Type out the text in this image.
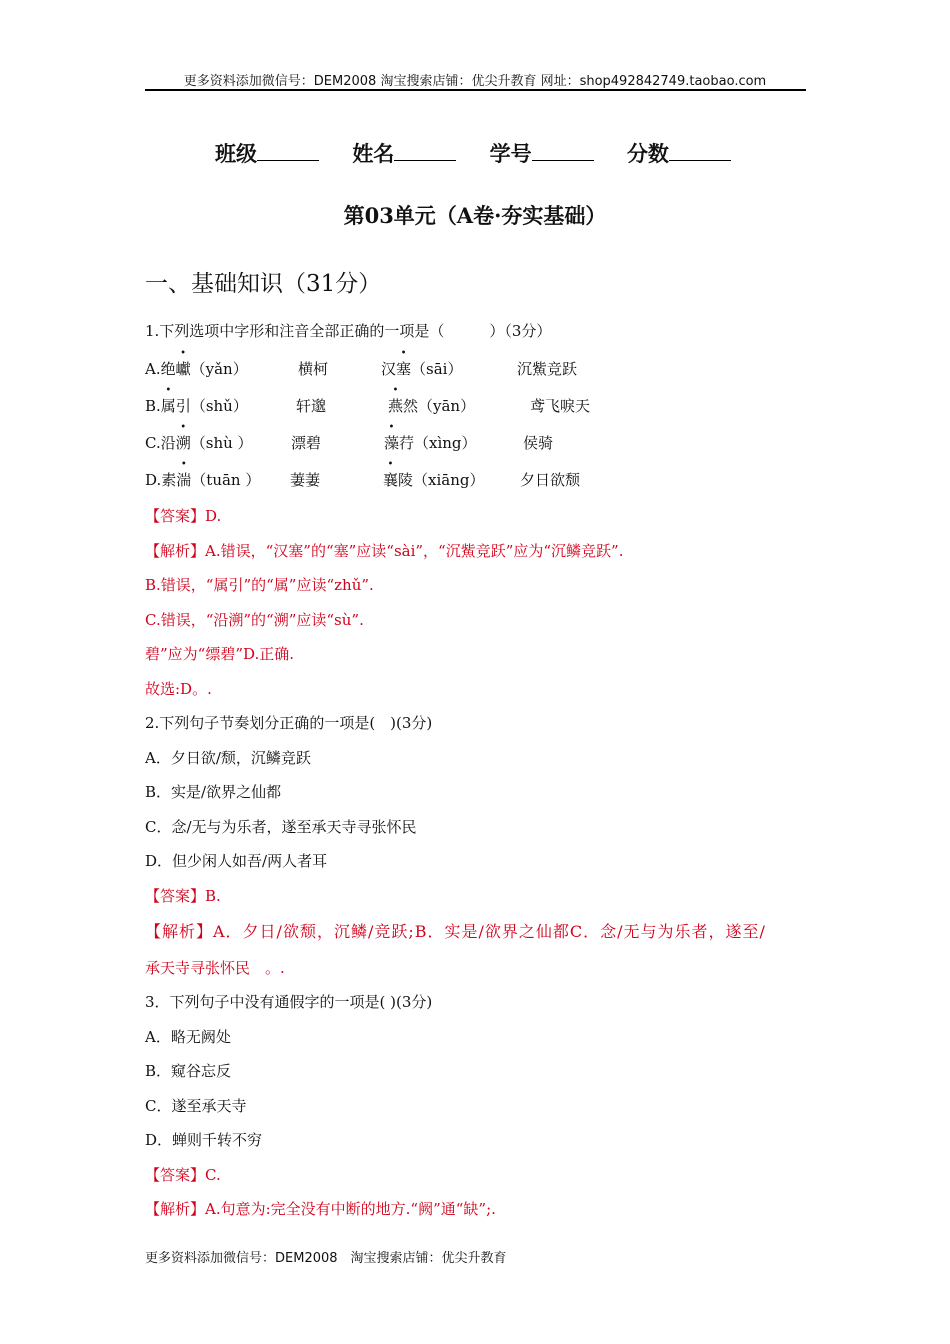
更多资料添加微信号：DEM2008 淘宝搜索店铺：优尖升教育 网址：shop492842749.taobao.com
班级	姓名	学号	分数
第03单元（A卷·夯实基础）
一、基础知识（31分）
1.下列选项中字形和注音全部正确的一项是（　　　）（3分）
A.绝巘（yǎn）	横柯	汉塞（sāi）	沉鮆竞跃
B.属引（shǔ）	轩邈	燕然（yān）	鸢飞唳天
C.沿溯（shù ）	漂碧	藻荇（xìng）	侯骑
D.素湍（tuān ） 萋萋	襄陵（xiāng） 夕日欲颓
【答案】D.
【解析】A.错误，“汉塞”的“塞”应读“sài”，“沉鮆竞跃”应为“沉鳞竞跃”.
B.错误，“属引”的“属”应读“zhǔ”.
C.错误，“沿溯”的“溯”应读“sù”.
碧”应为“缥碧”D.正确.
故选:D。.
2.下列句子节奏划分正确的一项是(　)(3分)
A．夕日欲/颓，沉鳞竞跃
B．实是/欲界之仙都
C．念/无与为乐者，遂至承天寺寻张怀民
D．但少闲人如吾/两人者耳
【答案】B.
【解析】A．夕日/欲颓，沉鳞/竞跃;B．实是/欲界之仙都C．念/无与为乐者，遂至/
承天寺寻张怀民　。.
3．下列句子中没有通假字的一项是( )(3分)
A．略无阙处
B．窥谷忘反
C．遂至承天寺
D．蝉则千转不穷
【答案】C.
【解析】A.句意为:完全没有中断的地方.“阙”通“缺”;.
更多资料添加微信号：DEM2008　淘宝搜索店铺：优尖升教育
